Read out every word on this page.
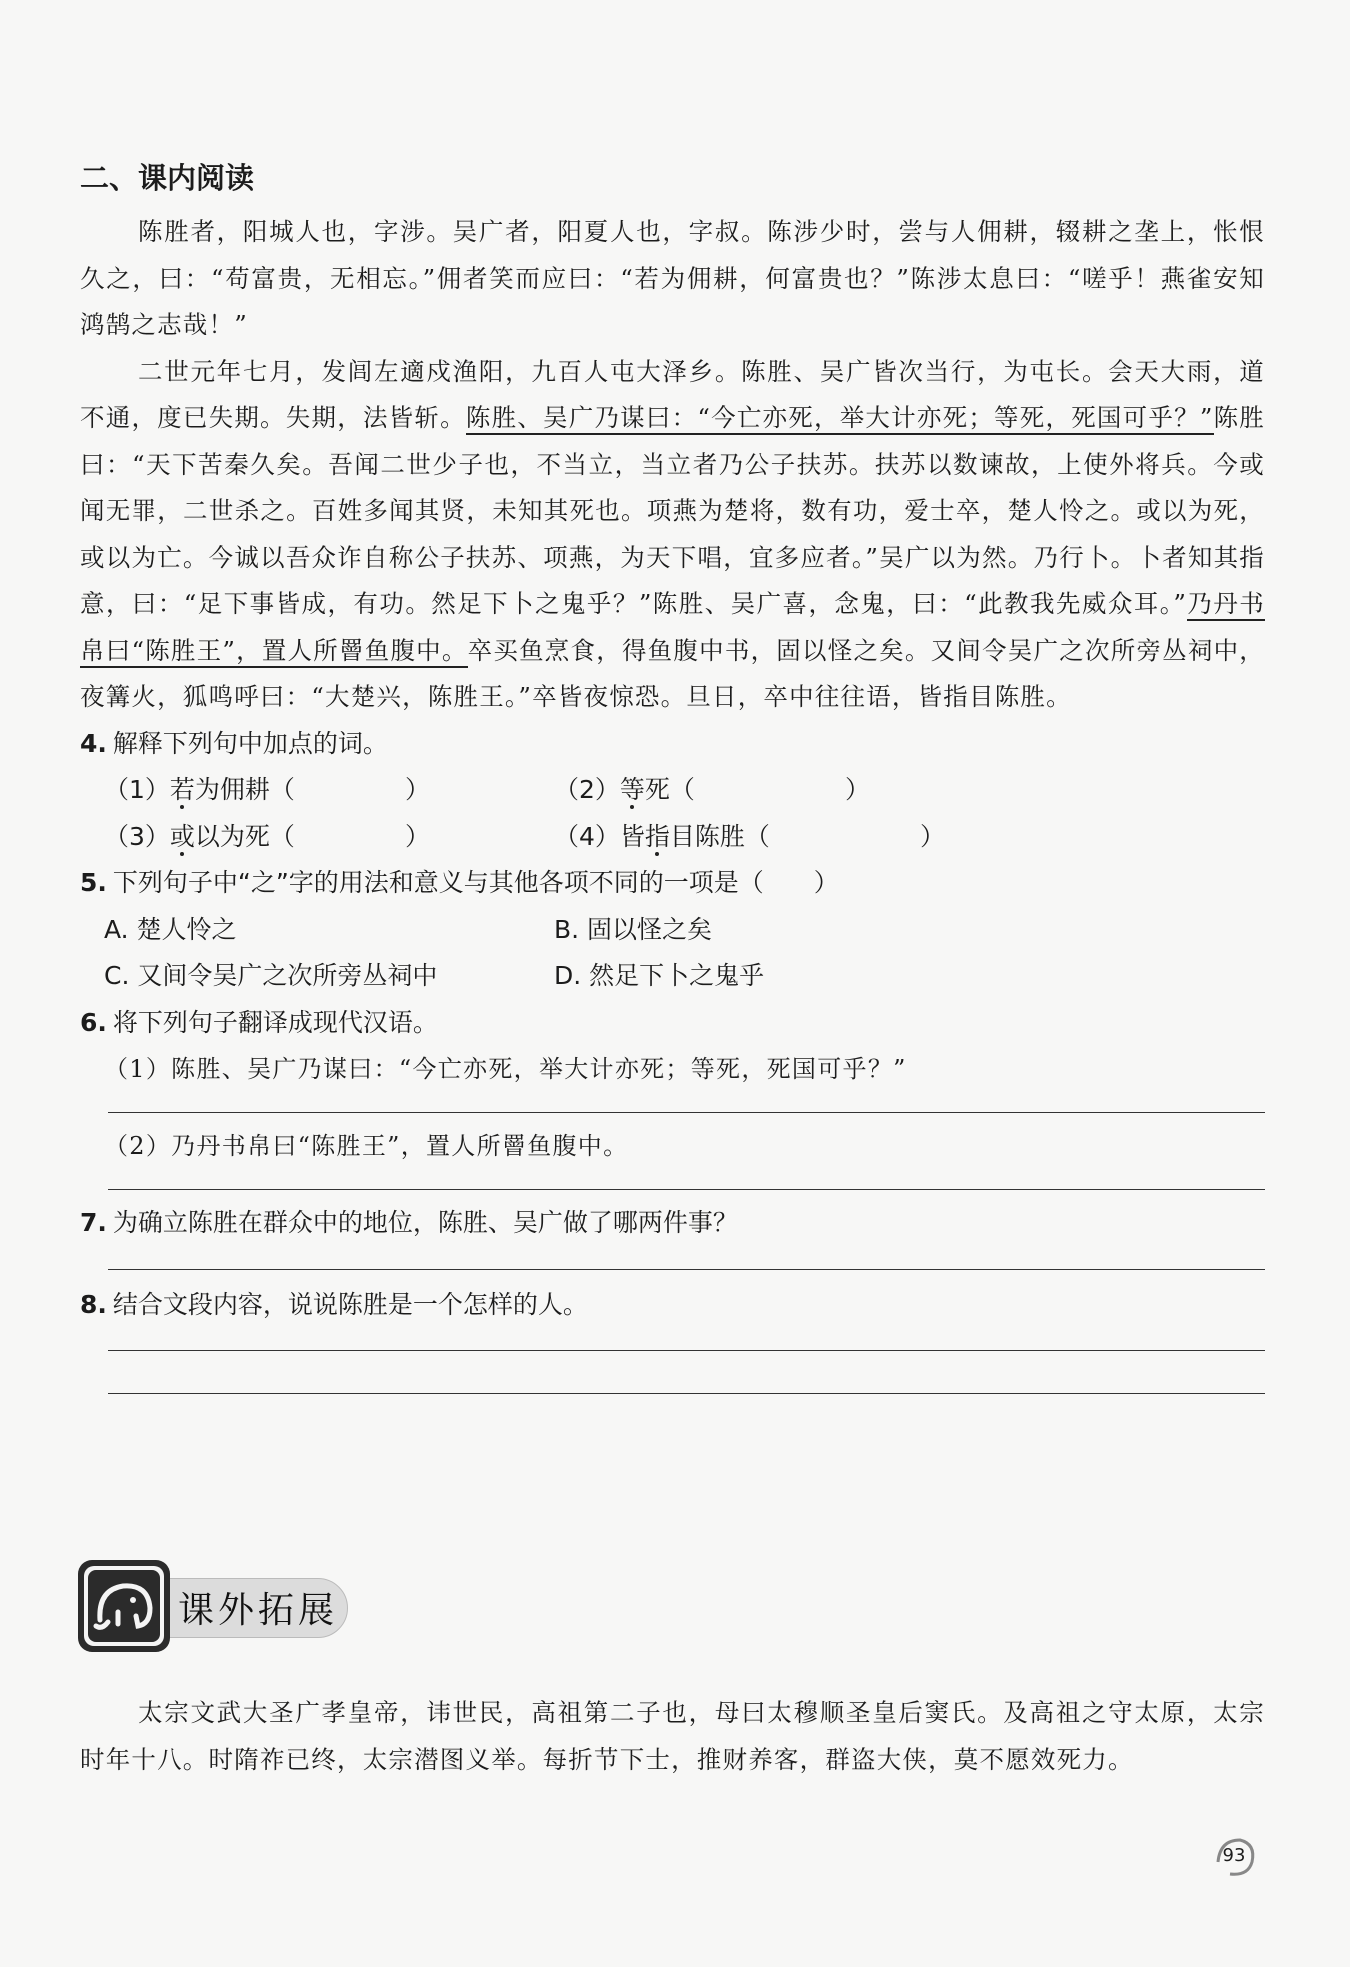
二、课内阅读

陈胜者，阳城人也，字涉。吴广者，阳夏人也，字叔。陈涉少时，尝与人佣耕，辍耕之垄上，怅恨久之，曰：“苟富贵，无相忘。”佣者笑而应曰：“若为佣耕，何富贵也？”陈涉太息曰：“嗟乎！燕雀安知鸿鹄之志哉！”

二世元年七月，发闾左適戍渔阳，九百人屯大泽乡。陈胜、吴广皆次当行，为屯长。会天大雨，道不通，度已失期。失期，法皆斩。陈胜、吴广乃谋曰：“今亡亦死，举大计亦死；等死，死国可乎？”陈胜曰：“天下苦秦久矣。吾闻二世少子也，不当立，当立者乃公子扶苏。扶苏以数谏故，上使外将兵。今或闻无罪，二世杀之。百姓多闻其贤，未知其死也。项燕为楚将，数有功，爱士卒，楚人怜之。或以为死，或以为亡。今诚以吾众诈自称公子扶苏、项燕，为天下唱，宜多应者。”吴广以为然。乃行卜。卜者知其指意，曰：“足下事皆成，有功。然足下卜之鬼乎？”陈胜、吴广喜，念鬼，曰：“此教我先威众耳。”乃丹书帛曰“陈胜王”，置人所罾鱼腹中。卒买鱼烹食，得鱼腹中书，固以怪之矣。又间令吴广之次所旁丛祠中，夜篝火，狐鸣呼曰：“大楚兴，陈胜王。”卒皆夜惊恐。旦日，卒中往往语，皆指目陈胜。

4. 解释下列句中加点的词。

（1）若为佣耕（	）	（2）等死（	）
（3）或以为死（	）	（4）皆指目陈胜（	）

5. 下列句子中“之”字的用法和意义与其他各项不同的一项是（　　）

A. 楚人怜之	B. 固以怪之矣
C. 又间令吴广之次所旁丛祠中	D. 然足下卜之鬼乎

6. 将下列句子翻译成现代汉语。

（1）陈胜、吴广乃谋曰：“今亡亦死，举大计亦死；等死，死国可乎？”

（2）乃丹书帛曰“陈胜王”，置人所罾鱼腹中。

7. 为确立陈胜在群众中的地位，陈胜、吴广做了哪两件事？

8. 结合文段内容，说说陈胜是一个怎样的人。

课外拓展

太宗文武大圣广孝皇帝，讳世民，高祖第二子也，母曰太穆顺圣皇后窦氏。及高祖之守太原，太宗时年十八。时隋祚已终，太宗潜图义举。每折节下士，推财养客，群盗大侠，莫不愿效死力。

93
